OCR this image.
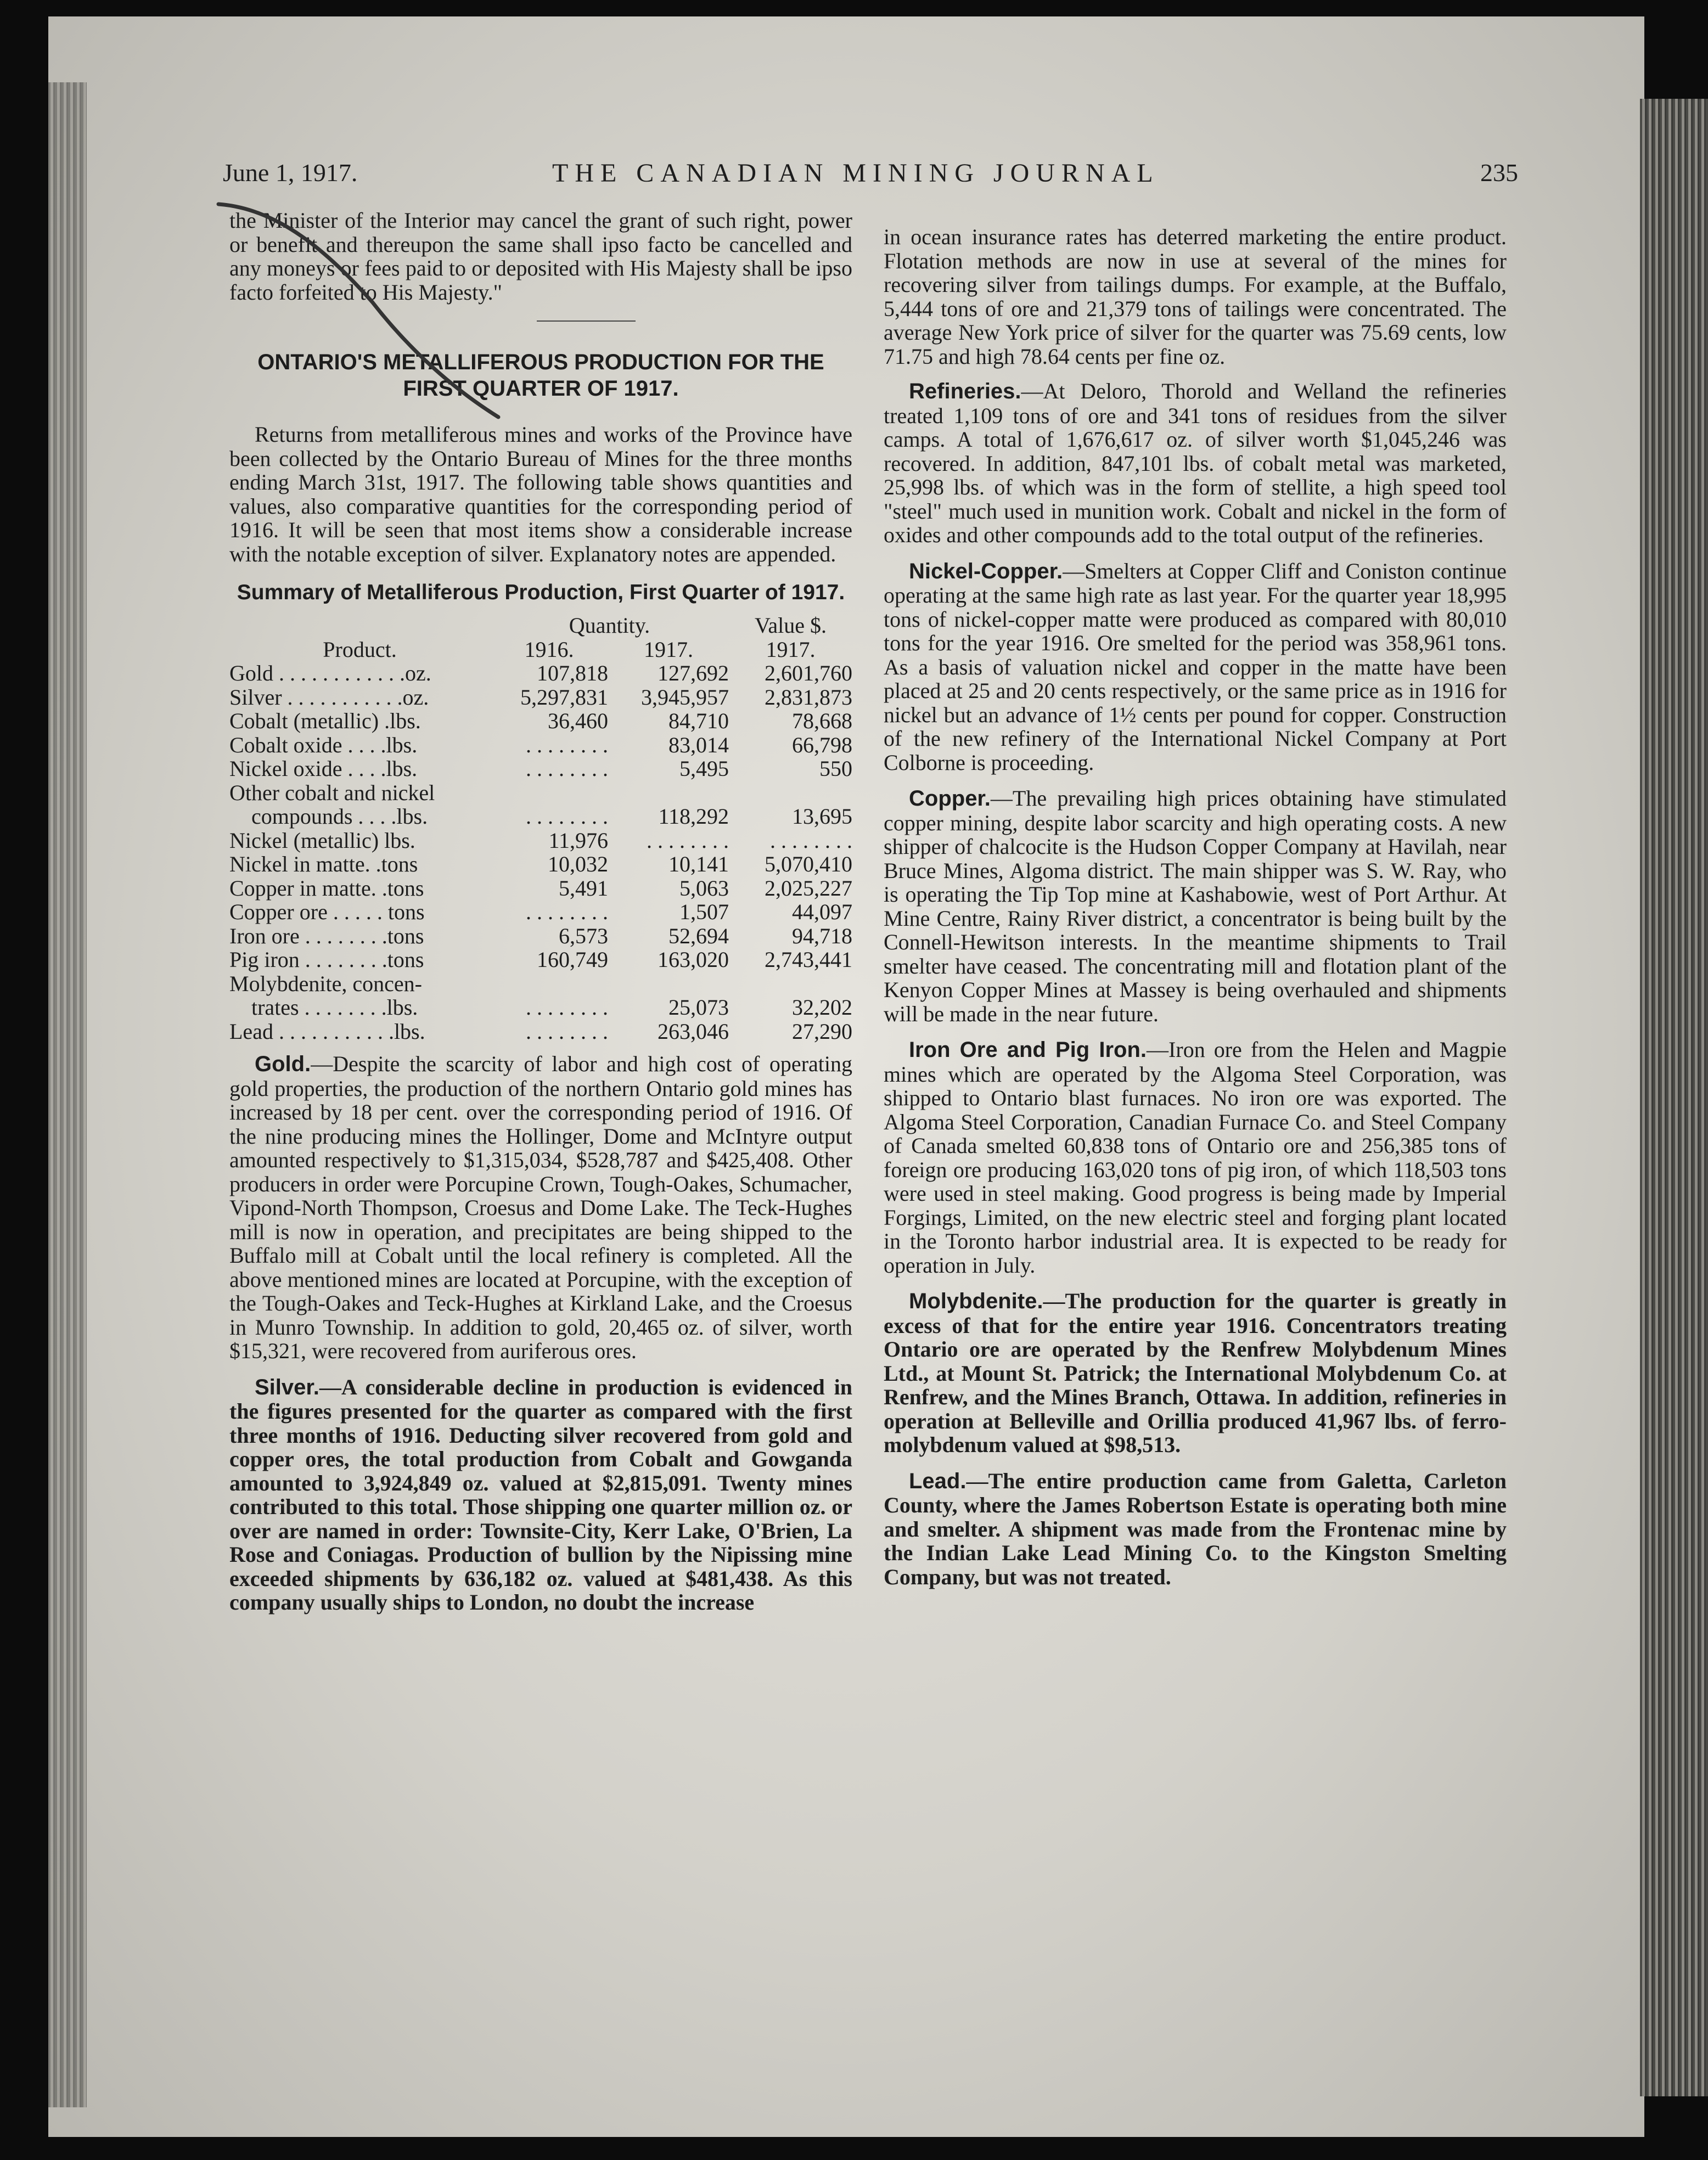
June 1, 1917.	THE CANADIAN MINING JOURNAL	235

the Minister of the Interior may cancel the grant of such right, power or benefit and thereupon the same shall ipso facto be cancelled and any moneys or fees paid to or deposited with His Majesty shall be ipso facto forfeited to His Majesty."

ONTARIO'S METALLIFEROUS PRODUCTION FOR THE FIRST QUARTER OF 1917.

Returns from metalliferous mines and works of the Province have been collected by the Ontario Bureau of Mines for the three months ending March 31st, 1917. The following table shows quantities and values, also comparative quantities for the corresponding period of 1916. It will be seen that most items show a considerable increase with the notable exception of silver. Explanatory notes are appended.

Summary of Metalliferous Production, First Quarter of 1917.
	Quantity.		Value $.
Product.	1916.	1917.	1917.
Gold . . . . . . . . . . . .oz.	107,818	127,692	2,601,760
Silver . . . . . . . . . . .oz.	5,297,831	3,945,957	2,831,873
Cobalt (metallic) .lbs.	36,460	84,710	78,668
Cobalt oxide . . . .lbs.	. . . . . . . .	83,014	66,798
Nickel oxide . . . .lbs.	. . . . . . . .	5,495	550
Other cobalt and nickel			
compounds . . . .lbs.	. . . . . . . .	118,292	13,695
Nickel (metallic) lbs.	11,976	. . . . . . . .	. . . . . . . .
Nickel in matte. .tons	10,032	10,141	5,070,410
Copper in matte. .tons	5,491	5,063	2,025,227
Copper ore . . . . . tons	. . . . . . . .	1,507	44,097
Iron ore . . . . . . . .tons	6,573	52,694	94,718
Pig iron . . . . . . . .tons	160,749	163,020	2,743,441
Molybdenite, concen-			
trates . . . . . . . .lbs.	. . . . . . . .	25,073	32,202
Lead . . . . . . . . . . .lbs.	. . . . . . . .	263,046	27,290

Gold.—Despite the scarcity of labor and high cost of operating gold properties, the production of the northern Ontario gold mines has increased by 18 per cent. over the corresponding period of 1916. Of the nine producing mines the Hollinger, Dome and McIntyre output amounted respectively to $1,315,034, $528,787 and $425,408. Other producers in order were Porcupine Crown, Tough-Oakes, Schumacher, Vipond-North Thompson, Croesus and Dome Lake. The Teck-Hughes mill is now in operation, and precipitates are being shipped to the Buffalo mill at Cobalt until the local refinery is completed. All the above mentioned mines are located at Porcupine, with the exception of the Tough-Oakes and Teck-Hughes at Kirkland Lake, and the Croesus in Munro Township. In addition to gold, 20,465 oz. of silver, worth $15,321, were recovered from auriferous ores.

Silver.—A considerable decline in production is evidenced in the figures presented for the quarter as compared with the first three months of 1916. Deducting silver recovered from gold and copper ores, the total production from Cobalt and Gowganda amounted to 3,924,849 oz. valued at $2,815,091. Twenty mines contributed to this total. Those shipping one quarter million oz. or over are named in order: Townsite-City, Kerr Lake, O'Brien, La Rose and Coniagas. Production of bullion by the Nipissing mine exceeded shipments by 636,182 oz. valued at $481,438. As this company usually ships to London, no doubt the increase

in ocean insurance rates has deterred marketing the entire product. Flotation methods are now in use at several of the mines for recovering silver from tailings dumps. For example, at the Buffalo, 5,444 tons of ore and 21,379 tons of tailings were concentrated. The average New York price of silver for the quarter was 75.69 cents, low 71.75 and high 78.64 cents per fine oz.

Refineries.—At Deloro, Thorold and Welland the refineries treated 1,109 tons of ore and 341 tons of residues from the silver camps. A total of 1,676,617 oz. of silver worth $1,045,246 was recovered. In addition, 847,101 lbs. of cobalt metal was marketed, 25,998 lbs. of which was in the form of stellite, a high speed tool "steel" much used in munition work. Cobalt and nickel in the form of oxides and other compounds add to the total output of the refineries.

Nickel-Copper.—Smelters at Copper Cliff and Coniston continue operating at the same high rate as last year. For the quarter year 18,995 tons of nickel-copper matte were produced as compared with 80,010 tons for the year 1916. Ore smelted for the period was 358,961 tons. As a basis of valuation nickel and copper in the matte have been placed at 25 and 20 cents respectively, or the same price as in 1916 for nickel but an advance of 1½ cents per pound for copper. Construction of the new refinery of the International Nickel Company at Port Colborne is proceeding.

Copper.—The prevailing high prices obtaining have stimulated copper mining, despite labor scarcity and high operating costs. A new shipper of chalcocite is the Hudson Copper Company at Havilah, near Bruce Mines, Algoma district. The main shipper was S. W. Ray, who is operating the Tip Top mine at Kashabowie, west of Port Arthur. At Mine Centre, Rainy River district, a concentrator is being built by the Connell-Hewitson interests. In the meantime shipments to Trail smelter have ceased. The concentrating mill and flotation plant of the Kenyon Copper Mines at Massey is being overhauled and shipments will be made in the near future.

Iron Ore and Pig Iron.—Iron ore from the Helen and Magpie mines which are operated by the Algoma Steel Corporation, was shipped to Ontario blast furnaces. No iron ore was exported. The Algoma Steel Corporation, Canadian Furnace Co. and Steel Company of Canada smelted 60,838 tons of Ontario ore and 256,385 tons of foreign ore producing 163,020 tons of pig iron, of which 118,503 tons were used in steel making. Good progress is being made by Imperial Forgings, Limited, on the new electric steel and forging plant located in the Toronto harbor industrial area. It is expected to be ready for operation in July.

Molybdenite.—The production for the quarter is greatly in excess of that for the entire year 1916. Concentrators treating Ontario ore are operated by the Renfrew Molybdenum Mines Ltd., at Mount St. Patrick; the International Molybdenum Co. at Renfrew, and the Mines Branch, Ottawa. In addition, refineries in operation at Belleville and Orillia produced 41,967 lbs. of ferro-molybdenum valued at $98,513.

Lead.—The entire production came from Galetta, Carleton County, where the James Robertson Estate is operating both mine and smelter. A shipment was made from the Frontenac mine by the Indian Lake Lead Mining Co. to the Kingston Smelting Company, but was not treated.
